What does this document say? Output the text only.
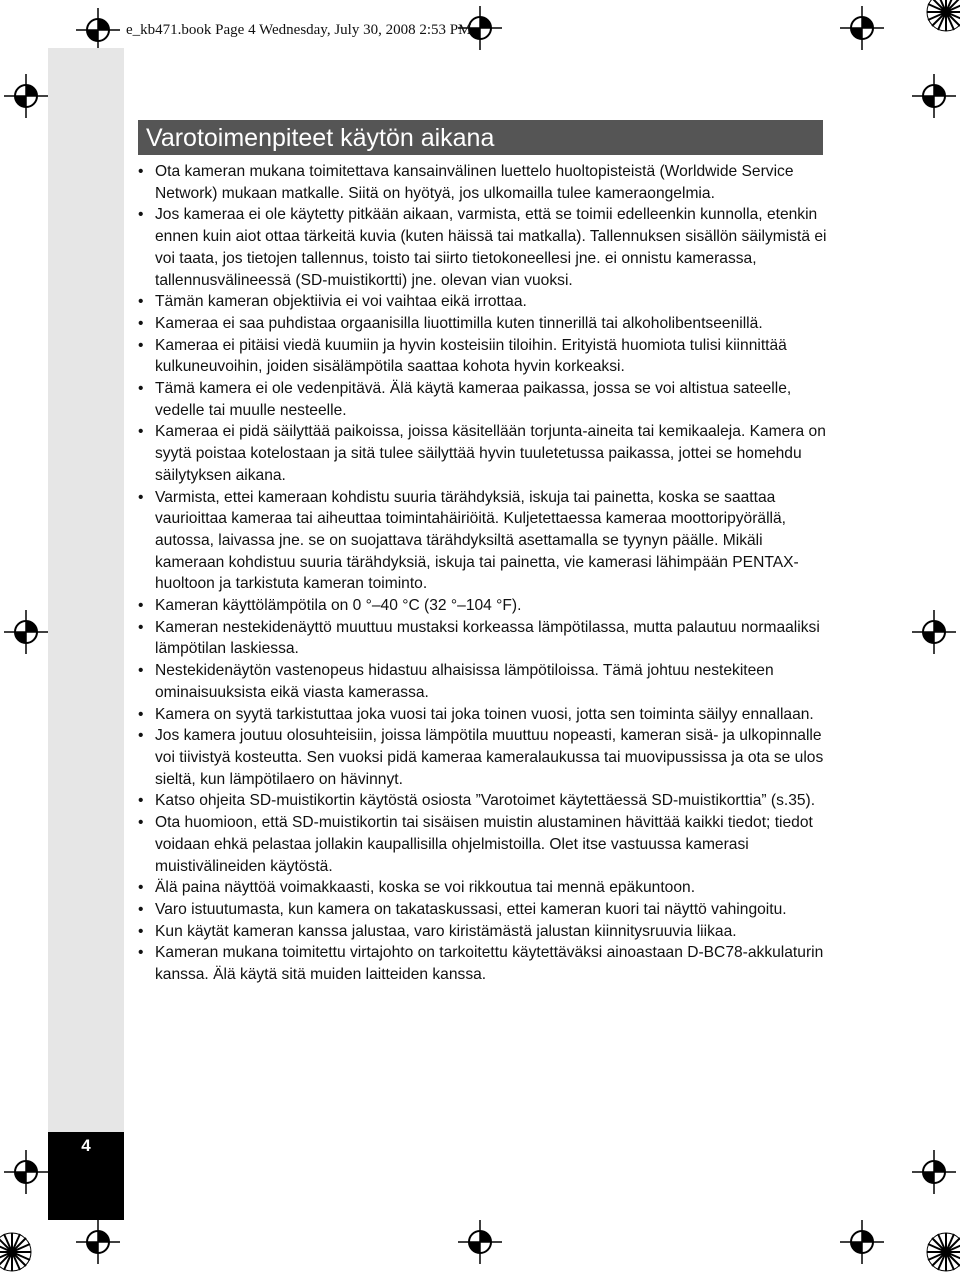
e_kb471.book Page 4 Wednesday, July 30, 2008 2:53 PM
4
Varotoimenpiteet käytön aikana
• Ota kameran mukana toimitettava kansainvälinen luettelo huoltopisteistä (Worldwide Service Network) mukaan matkalle. Siitä on hyötyä, jos ulkomailla tulee kameraongelmia.
• Jos kameraa ei ole käytetty pitkään aikaan, varmista, että se toimii edelleenkin kunnolla, etenkin ennen kuin aiot ottaa tärkeitä kuvia (kuten häissä tai matkalla). Tallennuksen sisällön säilymistä ei voi taata, jos tietojen tallennus, toisto tai siirto tietokoneellesi jne. ei onnistu kamerassa, tallennusvälineessä (SD-muistikortti) jne. olevan vian vuoksi.
• Tämän kameran objektiivia ei voi vaihtaa eikä irrottaa.
• Kameraa ei saa puhdistaa orgaanisilla liuottimilla kuten tinnerillä tai alkoholibentseenillä.
• Kameraa ei pitäisi viedä kuumiin ja hyvin kosteisiin tiloihin. Erityistä huomiota tulisi kiinnittää kulkuneuvoihin, joiden sisälämpötila saattaa kohota hyvin korkeaksi.
• Tämä kamera ei ole vedenpitävä. Älä käytä kameraa paikassa, jossa se voi altistua sateelle, vedelle tai muulle nesteelle.
• Kameraa ei pidä säilyttää paikoissa, joissa käsitellään torjunta-aineita tai kemikaaleja. Kamera on syytä poistaa kotelostaan ja sitä tulee säilyttää hyvin tuuletetussa paikassa, jottei se homehdu säilytyksen aikana.
• Varmista, ettei kameraan kohdistu suuria tärähdyksiä, iskuja tai painetta, koska se saattaa vaurioittaa kameraa tai aiheuttaa toimintahäiriöitä. Kuljetettaessa kameraa moottoripyörällä, autossa, laivassa jne. se on suojattava tärähdyksiltä asettamalla se tyynyn päälle. Mikäli kameraan kohdistuu suuria tärähdyksiä, iskuja tai painetta, vie kamerasi lähimpään PENTAX-huoltoon ja tarkistuta kameran toiminto.
• Kameran käyttölämpötila on 0 °–40 °C (32 °–104 °F).
• Kameran nestekidenäyttö muuttuu mustaksi korkeassa lämpötilassa, mutta palautuu normaaliksi lämpötilan laskiessa.
• Nestekidenäytön vastenopeus hidastuu alhaisissa lämpötiloissa. Tämä johtuu nestekiteen ominaisuuksista eikä viasta kamerassa.
• Kamera on syytä tarkistuttaa joka vuosi tai joka toinen vuosi, jotta sen toiminta säilyy ennallaan.
• Jos kamera joutuu olosuhteisiin, joissa lämpötila muuttuu nopeasti, kameran sisä- ja ulkopinnalle voi tiivistyä kosteutta. Sen vuoksi pidä kameraa kameralaukussa tai muovipussissa ja ota se ulos sieltä, kun lämpötilaero on hävinnyt.
• Katso ohjeita SD-muistikortin käytöstä osiosta ”Varotoimet käytettäessä SD-muistikorttia” (s.35).
• Ota huomioon, että SD-muistikortin tai sisäisen muistin alustaminen hävittää kaikki tiedot; tiedot voidaan ehkä pelastaa jollakin kaupallisilla ohjelmistoilla. Olet itse vastuussa kamerasi muistivälineiden käytöstä.
• Älä paina näyttöä voimakkaasti, koska se voi rikkoutua tai mennä epäkuntoon.
• Varo istuutumasta, kun kamera on takataskussasi, ettei kameran kuori tai näyttö vahingoitu.
• Kun käytät kameran kanssa jalustaa, varo kiristämästä jalustan kiinnitysruuvia liikaa.
• Kameran mukana toimitettu virtajohto on tarkoitettu käytettäväksi ainoastaan D-BC78-akkulaturin kanssa. Älä käytä sitä muiden laitteiden kanssa.
